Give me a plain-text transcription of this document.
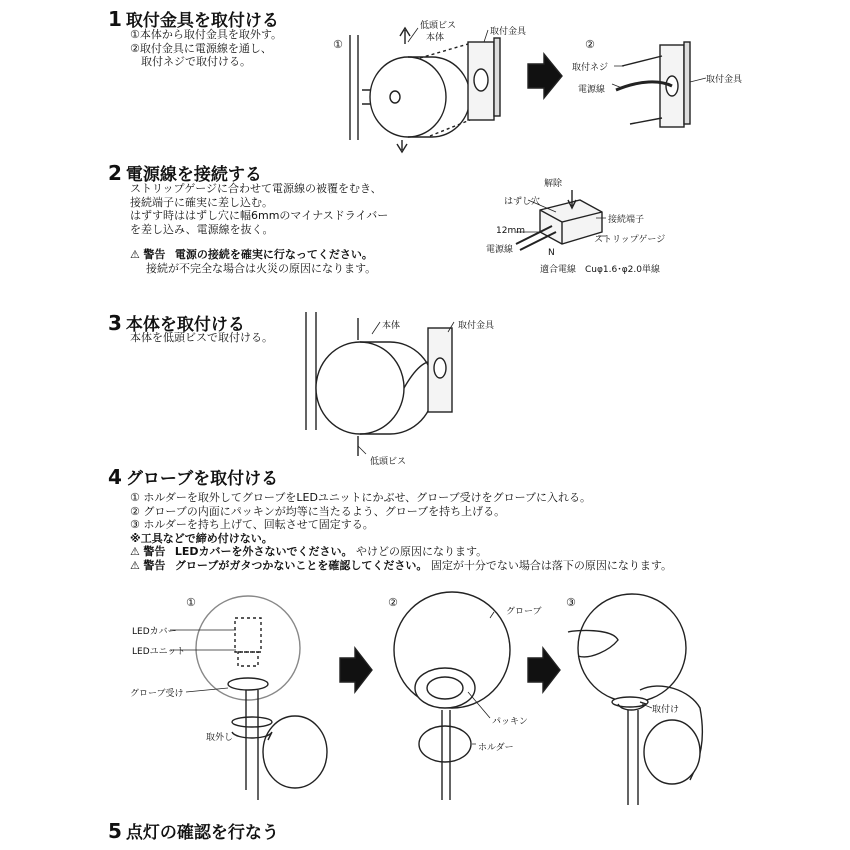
1 取付金具を取付ける
①本体から取付金具を取外す。
②取付金具に電源線を通し、
　取付ネジで取付ける。
①
低頭ビス
本体
取付金具
②
取付ネジ
電源線
取付金具
2 電源線を接続する
ストリップゲージに合わせて電源線の被覆をむき、
接続端子に確実に差し込む。
はずす時ははずし穴に幅6mmのマイナスドライバー
を差し込み、電源線を抜く。
⚠ 警告 電源の接続を確実に行なってください。
接続が不完全な場合は火災の原因になります。
解除
はずし穴
接続端子
12mm
ストリップゲージ
電源線	N
適合電線　Cuφ1.6･φ2.0単線
3 本体を取付ける
本体を低頭ビスで取付ける。
本体	取付金具
低頭ビス
4 グローブを取付ける
① ホルダーを取外してグローブをLEDユニットにかぶせ、グローブ受けをグローブに入れる。
② グローブの内面にパッキンが均等に当たるよう、グローブを持ち上げる。
③ ホルダーを持ち上げて、回転させて固定する。
※工具などで締め付けない。
⚠ 警告 LEDカバーを外さないでください。 やけどの原因になります。
⚠ 警告 グローブがガタつかないことを確認してください。 固定が十分でない場合は落下の原因になります。
①
LEDカバー
LEDユニット
グローブ受け
取外し
②
グローブ
パッキン
ホルダー
③
取付け
5 点灯の確認を行なう
